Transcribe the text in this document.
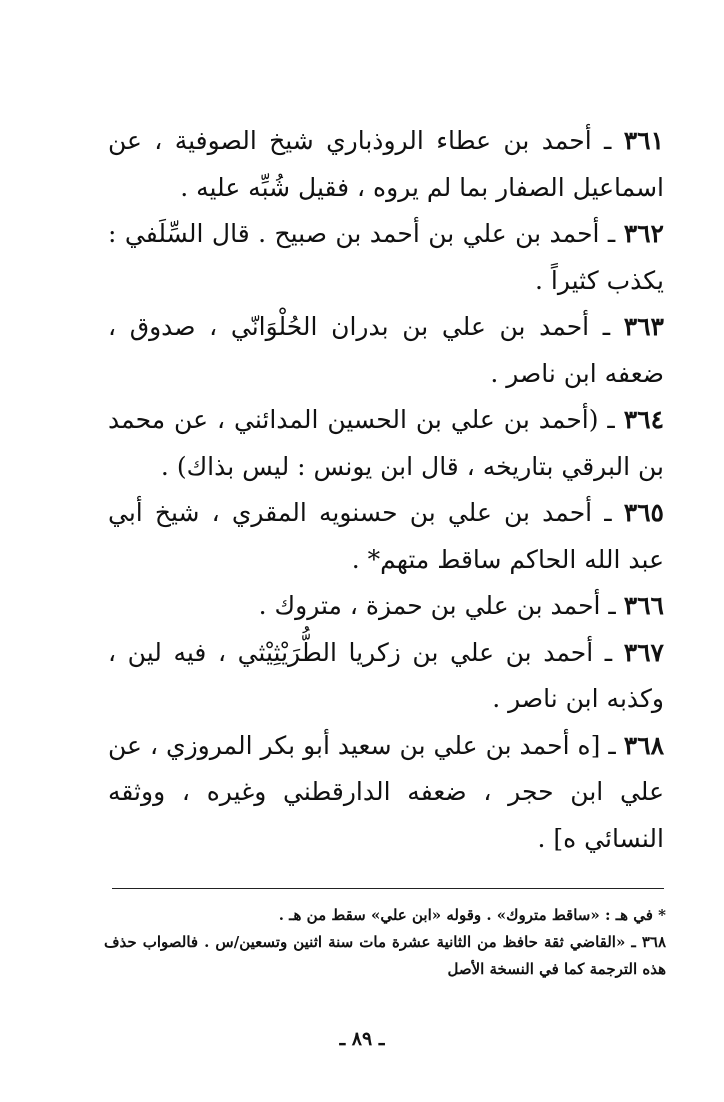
٣٦١ ـ أحمد بن عطاء الروذباري شيخ الصوفية ، عن اسماعيل الصفار بما لم يروه ، فقيل شُبِّه عليه .

٣٦٢ ـ أحمد بن علي بن أحمد بن صبيح . قال السِّلَفي : يكذب كثيراً .

٣٦٣ ـ أحمد بن علي بن بدران الحُلْوَانّي ، صدوق ، ضعفه ابن ناصر .

٣٦٤ ـ (أحمد بن علي بن الحسين المدائني ، عن محمد بن البرقي بتاريخه ، قال ابن يونس : ليس بذاك) .

٣٦٥ ـ أحمد بن علي بن حسنويه المقري ، شيخ أبي عبد الله الحاكم ساقط متهم* .

٣٦٦ ـ أحمد بن علي بن حمزة ، متروك .

٣٦٧ ـ أحمد بن علي بن زكريا الطُّرَيْثِيْثي ، فيه لين ، وكذبه ابن ناصر .

٣٦٨ ـ [ه أحمد بن علي بن سعيد أبو بكر المروزي ، عن علي ابن حجر ، ضعفه الدارقطني وغيره ، ووثقه النسائي ه] .

* في هـ : «ساقط متروك» . وقوله «ابن علي» سقط من هـ .

٣٦٨ ـ «القاضي ثقة حافظ من الثانية عشرة مات سنة اثنين وتسعين/س . فالصواب حذف هذه الترجمة كما في النسخة الأصل

ـ ٨٩ ـ
